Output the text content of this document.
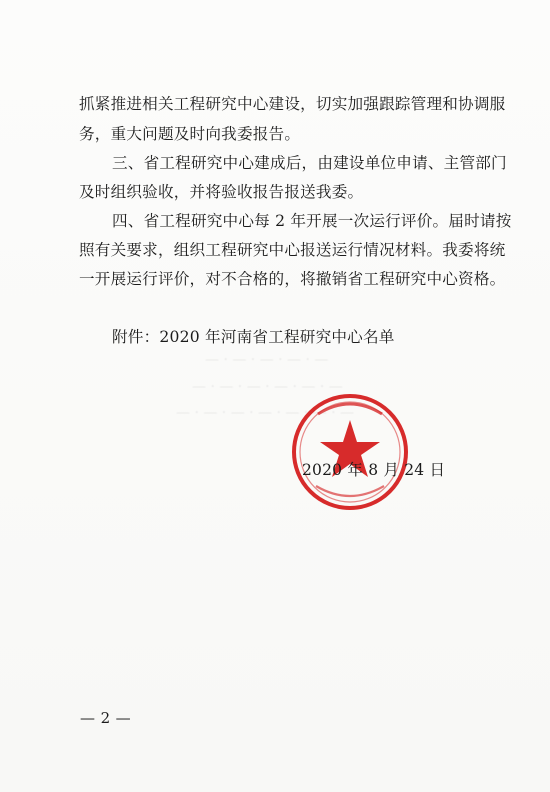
— · — · — · — · —
— · — · — · — · — · —
— · — · — · — · — · — · —
抓紧推进相关工程研究中心建设，切实加强跟踪管理和协调服
务，重大问题及时向我委报告。
三、省工程研究中心建成后，由建设单位申请、主管部门
及时组织验收，并将验收报告报送我委。
四、省工程研究中心每 2 年开展一次运行评价。届时请按
照有关要求，组织工程研究中心报送运行情况材料。我委将统
一开展运行评价，对不合格的，将撤销省工程研究中心资格。
附件：2020 年河南省工程研究中心名单
2020 年 8 月 24 日
— 2 —
